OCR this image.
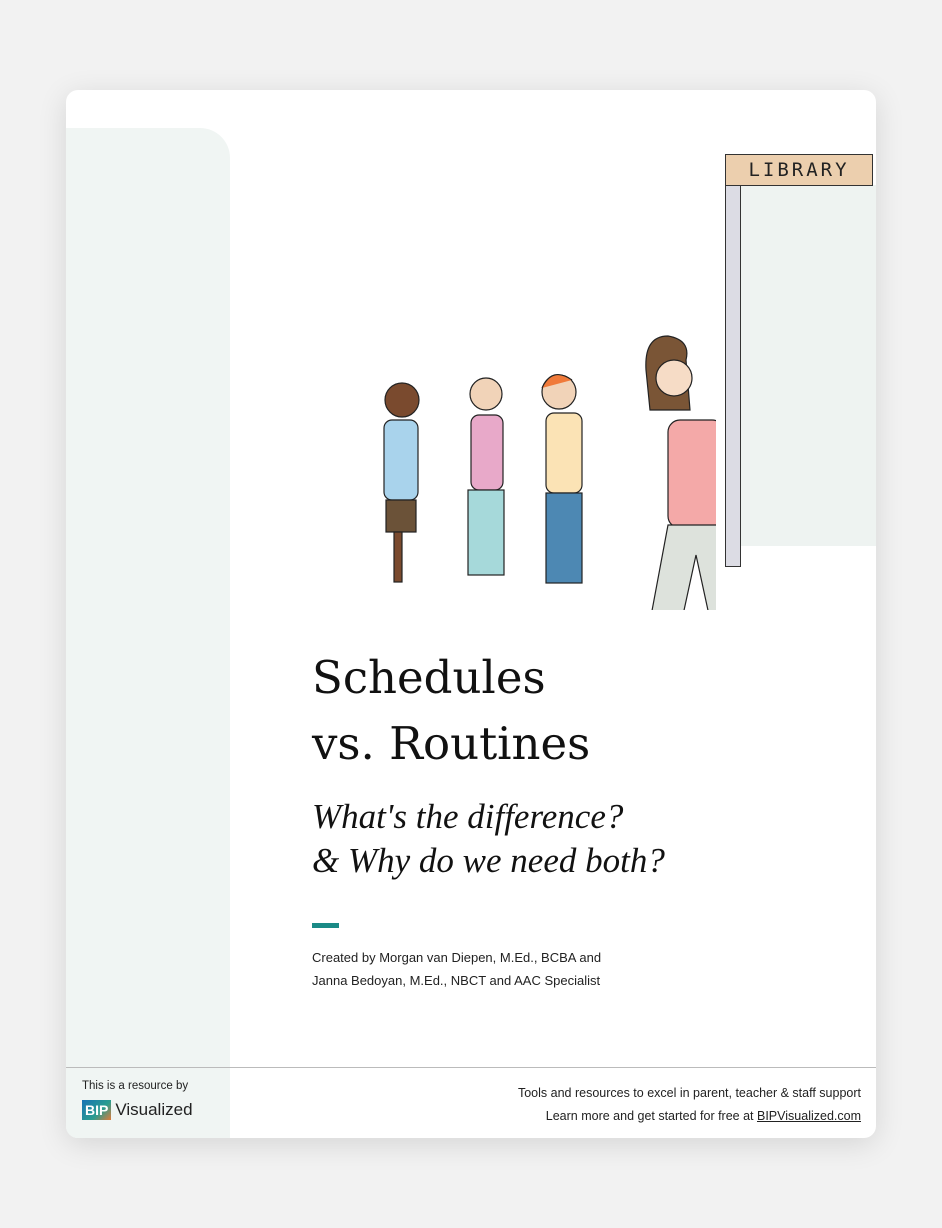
LIBRARY
Schedules
vs. Routines
What's the difference?
& Why do we need both?
Created by Morgan van Diepen, M.Ed., BCBA and
Janna Bedoyan, M.Ed., NBCT and AAC Specialist
This is a resource by
BIP Visualized
Tools and resources to excel in parent, teacher & staff support
Learn more and get started for free at BIPVisualized.com
